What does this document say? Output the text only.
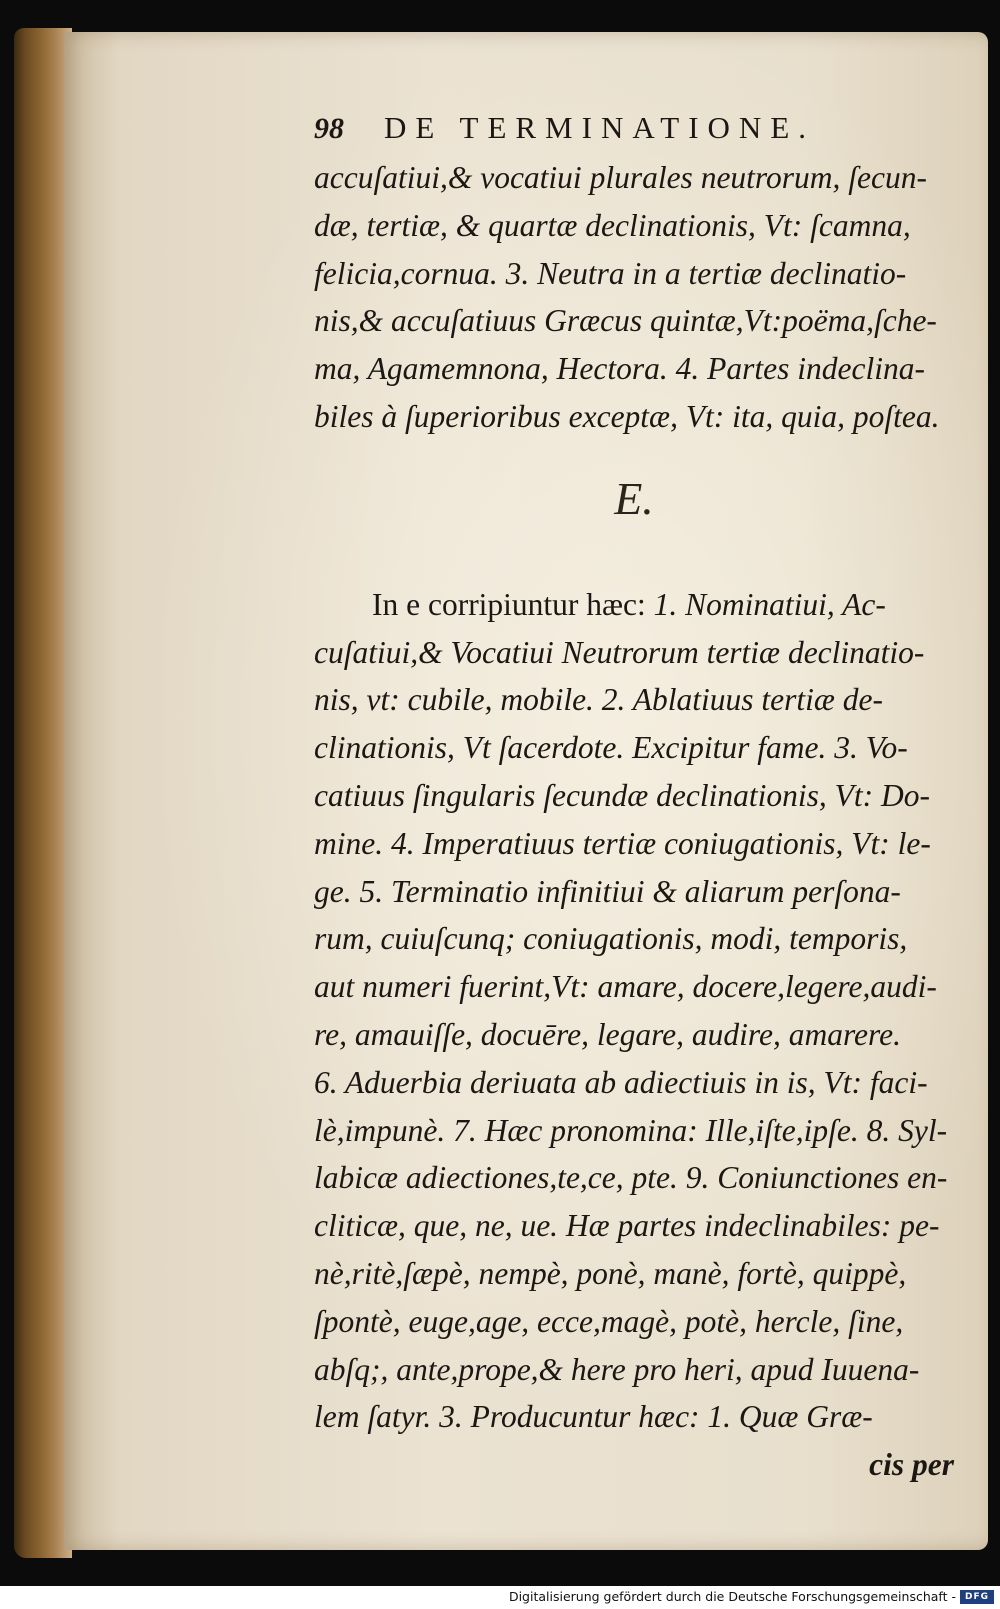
98	DE TERMINATIONE.
accuſatiui,& vocatiui plurales neutrorum, ſecun-
dæ, tertiæ, & quartæ declinationis, Vt: ſcamna,
felicia,cornua. 3. Neutra in a tertiæ declinatio-
nis,& accuſatiuus Græcus quintæ,Vt:poëma,ſche-
ma, Agamemnona, Hectora. 4. Partes indeclina-
biles à ſuperioribus exceptæ, Vt: ita, quia, poſtea.
E.
In e corripiuntur hæc: 1. Nominatiui, Ac-
cuſatiui,& Vocatiui Neutrorum tertiæ declinatio-
nis, vt: cubile, mobile. 2. Ablatiuus tertiæ de-
clinationis, Vt ſacerdote. Excipitur fame. 3. Vo-
catiuus ſingularis ſecundæ declinationis, Vt: Do-
mine. 4. Imperatiuus tertiæ coniugationis, Vt: le-
ge. 5. Terminatio infinitiui & aliarum perſona-
rum, cuiuſcunq; coniugationis, modi, temporis,
aut numeri fuerint,Vt: amare, docere,legere,audi-
re, amauiſſe, docuēre, legare, audire, amarere.
6. Aduerbia deriuata ab adiectiuis in is, Vt: faci-
lè,impunè. 7. Hæc pronomina: Ille,iſte,ipſe. 8. Syl-
labicæ adiectiones,te,ce, pte. 9. Coniunctiones en-
cliticæ, que, ne, ue. Hæ partes indeclinabiles: pe-
nè,ritè,ſæpè, nempè, ponè, manè, fortè, quippè,
ſpontè, euge,age, ecce,magè, potè, hercle, ſine,
abſq;, ante,prope,& here pro heri, apud Iuuena-
lem ſatyr. 3. Producuntur hæc: 1. Quæ Græ-
cis per
Digitalisierung gefördert durch die Deutsche Forschungsgemeinschaft - DFG
